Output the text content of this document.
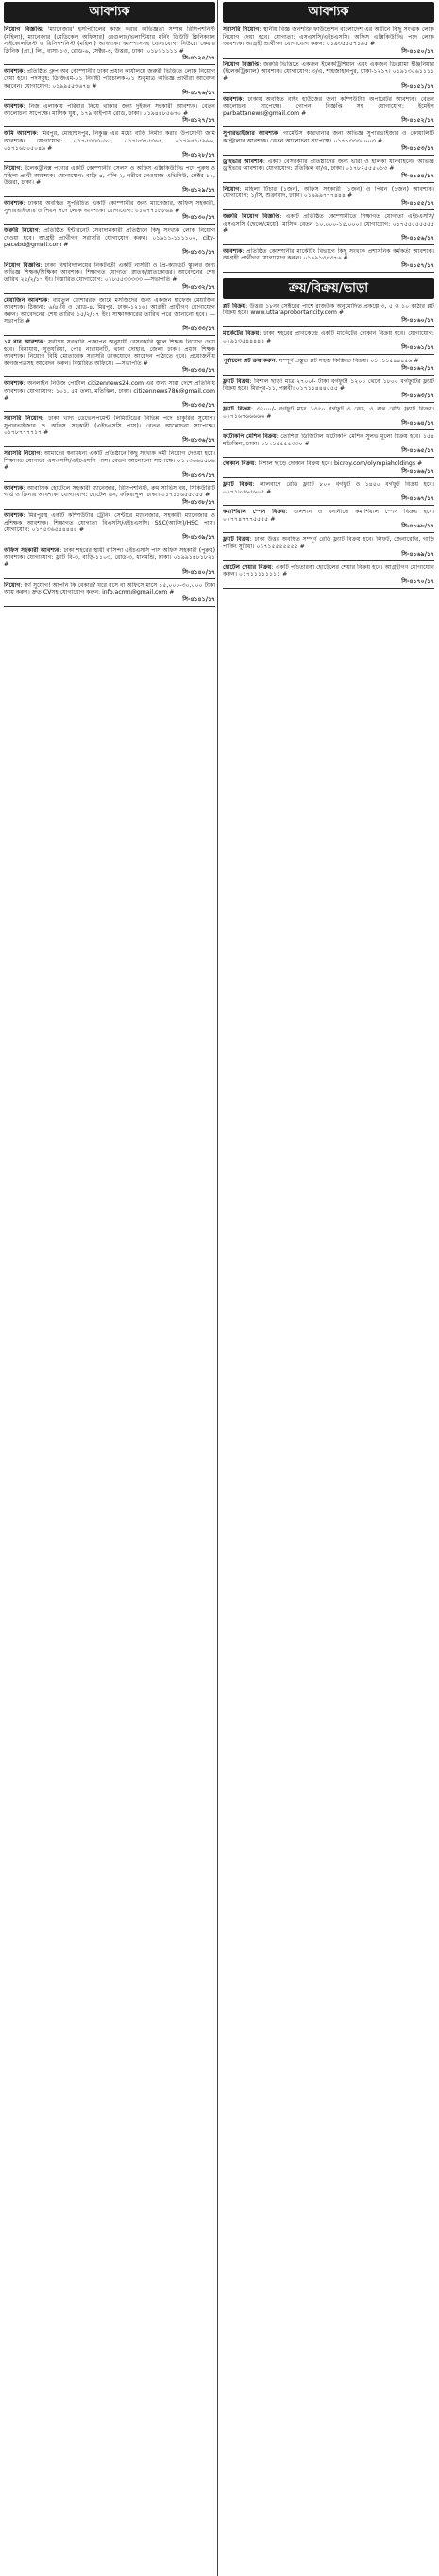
আবশ্যক
নিয়োগ বিজ্ঞপ্তি: 'ম্যানেজার' হসপিটালের কাজ করার অভিজ্ঞতা সম্পন্ন রিসিপশনিস্ট (মহিলা), ম্যানেজার (মেডিকেল অফিসার) রেগুলার/ভলান্টিয়ার মর্নিং ডিউটি ক্লিনিক্যাল সাইকোলজিস্ট ও রিসিপশনিস্ট (মহিলা) আবশ্যক। ক্যাম্পাসসহ যোগাযোগ: নিউরো কেয়ার ক্লিনিক (প্রা.) লি., বাসা-১৩, রোড-৬, সেক্টর-৩, উত্তরা, ঢাকা। ০১৮১১১১১ #
সি-৪১২৫/১৭
আবশ্যক: প্রতিষ্ঠিত গ্রুপ অব কোম্পানীর ঢাকা প্রধান কার্যালয়ে জরুরী ভিত্তিতে লোক নিয়োগ দেয়া হবে। পদসমূহ: ডিজিএম-০১ নির্বাহী পরিচালক-০১ শুধুমাত্র অভিজ্ঞ প্রার্থীরা আবেদন করবেন। যোগাযোগ: ০১৯৯৫৫৩৬৭৪ #
সি-৪১২৬/১৭
আবশ্যক: নিজ এলাকায় পরিবার নিয়ে থাকার জন্য দুইজন সহকারী আবশ্যক। বেতন আলোচনা সাপেক্ষে। মাসিক ঘুষ্য, ১৭৯ বাইপাস রোড, ঢাকা। ০১৯৪৪৮৫৬৭০ #
সি-৪১২৭/১৭
জমি আবশ্যক: মিরপুর, মোহাম্মদপুর, নিকুঞ্জ এর মধ্যে বাড়ি নির্মাণ করার উপযোগী জমি আবশ্যক। যোগাযোগ: ০১৭৫৩৩৩০৮৫, ০১৭৮৩৭৫৩৬৭, ০১৭৯৪১৫৯৬৬, ০১৭১৬৮০৫০৪৬ #
সি-৪১২৮/১৭
নিয়োগ: ইলেকট্রনিক্স পণ্যের একটি কোম্পানীর সেলস ও অফিস এক্সিকিউটিভ পদে পুরুষ ও মহিলা প্রার্থী আবশ্যক। যোগাযোগ: বাড়ি-৪, গলি-২, গরীবে নেওয়াজ এভিনিউ, সেক্টর-১১, উত্তরা, ঢাকা। #
সি-৪১২৯/১৭
আবশ্যক: ঢাকায় অবস্থিত সুপরিচিত একটি কোম্পানীর জন্য ম্যানেজার, অফিস সহকারী, সুপারভাইজার ও পিয়ন পদে লোক আবশ্যক। যোগাযোগ: ০১৬৭৭১৮৮৬৯ #
সি-৪১৩০/১৭
জরুরি নিয়োগ: প্রতিষ্ঠিত ইন্টারনেট সেবাদানকারী প্রতিষ্ঠানে কিছু সংখ্যক লোক নিয়োগ দেওয়া হবে। আগ্রহী প্রার্থীগণ সরাসরি যোগাযোগ করুন। ০১৬১১-১১১১০০, city-pacebd@gmail.com #
সি-৪১৩১/১৭
নিয়োগ বিজ্ঞপ্তি: ঢাকা বিশ্ববিদ্যালয়ের নিকটবর্তী একটি নার্সারী ও প্রি-ক্যাডেট স্কুলের জন্য অভিজ্ঞ শিক্ষক/শিক্ষিকা আবশ্যক। শিক্ষাগত যোগ্যতা স্নাতক/স্নাতকোত্তর। আবেদনের শেষ তারিখ ২৫/২/১৭ ইং। বিস্তারিত যোগাযোগ: ০১৮৫৫৩৩৩৩৩ —সভাপতি #
সি-৪১৩২/১৭
মেয়াজিন আবশ্যক: বায়তুল মোশাররফ জামে মসজিদের জন্য একজন হাফেজ মেয়াজিন আবশ্যক। ঠিকানা: ৬/৪-বি ও রোড-৪, মিরপুর, ঢাকা-১২১৬। আগ্রহী প্রার্থীগণ যোগাযোগ করুন। আবেদনের শেষ তারিখ ১৫/২/১৭ ইং। সাক্ষাৎকারের তারিখ পরে জানানো হবে। —সভাপতি #
সি-৪১৩৩/১৭
১ম বার আবশ্যক: সর্বশেষ সরকারি প্রজ্ঞাপন অনুযায়ী বেসরকারি স্কুলে শিক্ষক নিয়োগ দেয়া হবে। বিনাযায়, ঘুড়ঘরিয়া, পোঃ নারায়নটি, থানা দোহার, জেলা ঢাকা। প্রধান শিক্ষক আবশ্যক। নিয়োগ বিধি মোতাবেক সরাসরি ডাকযোগে আবেদন পাঠাতে হবে। প্রয়োজনীয় কাগজপত্রসহ আবেদন করুন। বিস্তারিত অফিসে। —সভাপতি #
সি-৪১৩৪/১৭
আবশ্যক: অনলাইন নিউজ পোর্টাল citizennews24.com এর জন্য সারা দেশে প্রতিনিধি আবশ্যক। যোগাযোগ: ১০১, ৫ম তলা, মতিঝিল, ঢাকা। citizennews786@gmail.com #
সি-৪১৩৫/১৭
সরাসরি নিয়োগ: ঢাকা খাদ্য ডেভেলপমেন্ট লিমিটেডের বিভিন্ন পদে চাকুরির সুযোগ। সুপারভাইজার ও অফিস সহকারী (এইচএসসি পাস)। বেতন আলোচনা সাপেক্ষে। ০১৭৮৭৭৭৭১৭ #
সি-৪১৩৬/১৭
সরাসরি নিয়োগ: আমাদের স্বনামধন্য একটি প্রতিষ্ঠানে কিছু সংখ্যক কর্মী নিয়োগ দেওয়া হবে। শিক্ষাগত যোগ্যতা এসএসসি/এইচএসসি পাস। বেতন আলোচনা সাপেক্ষে। ০১৭৩৬৬৫৫৮৯ #
সি-৪১৩৭/১৭
আবশ্যক: আবাসিক হোটেলে সহকারী ম্যানেজার, রিসিপশনিস্ট, রুম সার্ভিস বয়, সিকিউরিটি গার্ড ও ক্লিনার আবশ্যক। যোগাযোগ: হোটেল ডন, ফকিরাপুল, ঢাকা। ০১৭১১৬৫৫৫৫৫ #
সি-৪১৩৮/১৭
আবশ্যক: মিরপুরস্থ একটি কম্পিউটার ট্রেনিং সেন্টারে ম্যানেজার, সহকারী ম্যানেজার ও প্রশিক্ষক আবশ্যক। শিক্ষাগত যোগ্যতা বিএসসি/এইচএসসি। SSC(আর্টস)/HSC পাস। যোগাযোগ: ০১৭৫৩৬৫৪৪৪৪৪ #
সি-৪১৩৯/১৭
অফিস সহকারী আবশ্যক: ঢাকা শহরের স্থায়ী বাসিন্দা এইচএসসি পাস অফিস সহকারী (পুরুষ) আবশ্যক। যোগাযোগ: ফ্লাট বি-৩, বাড়ি-১১০৩, রোড-৩, ধানমন্ডি, ঢাকা। ০১৯৯১৪৮১৮২১ #
সি-৪১৪০/১৭
নিয়োগ: স্বর্ণ সুযোগ! আপনি কি বেকার? ঘরে বসে বা অফিসে মাসে ১৫,০০০-৩০,০০০ টাকা আয় করুন। দ্রুত CVসহ যোগাযোগ করুন: info.acmn@gmail.com #
সি-৪১৪১/১৭
আবশ্যক
সরাসরি নিয়োগ: স্থানীয় বিজ্ঞ জনশক্তি ফাউন্ডেশন বাংলাদেশ এর অধীনে কিছু সংখ্যক লোক নিয়োগ দেয়া হবে। যোগ্যতা: এসএসসি/এইচএসসি। অফিস এক্সিকিউটিভ পদে লোক আবশ্যক। আগ্রহী প্রার্থীগণ যোগাযোগ করুন: ০১৯৩৫৫৫৭১৯৫ #
সি-৪১৫০/১৭
নিয়োগ বিজ্ঞপ্তি: জরুরি ভিত্তিতে একজন ইলেকট্রিশিয়ান এবং একজন ডিপ্লোমা ইঞ্জিনিয়ার (ইলেকট্রিক্যাল) আবশ্যক। যোগাযোগ: ৩/এ, শাহজাহানপুর, ঢাকা-১২১৭। ০১৯১৩৫৬১১১১ #
সি-৪১৫১/১৭
আবশ্যক: ঢাকায় অবস্থিত বাইং হাউজের জন্য কম্পিউটার অপারেটর আবশ্যক। বেতন আলোচনা সাপেক্ষে। গোপন বিজ্ঞপ্তি সহ যোগাযোগ: ইমেইল parbattanews@gmail.com #
সি-৪১৫২/১৭
সুপারভাইজার আবশ্যক: গার্মেন্টস কারখানার জন্য অভিজ্ঞ সুপারভাইজার ও কোয়ালিটি কন্ট্রোলার আবশ্যক। বেতন আলোচনা সাপেক্ষে। ০১৭১৩৩৩০০০৩ #
সি-৪১৫৩/১৭
ড্রাইভার আবশ্যক: একটি বেসরকারি প্রতিষ্ঠানের জন্য ভারী ও হালকা যানবাহনের অভিজ্ঞ ড্রাইভার আবশ্যক। যোগাযোগ: মতিঝিল বা/এ, ঢাকা। ০১৭৮২৫৫৫০১৩ #
সি-৪১৫৪/১৭
নিয়োগ: মহিলা টিচার (১জন), অফিস সহকারী (১জন) ও পিয়ন (১জন) আবশ্যক। যোগাযোগ: ১/সি, শুক্রাবাদ, ঢাকা। ০১৯৯৯৭৭৭৪৪৪ #
সি-৪১৫৫/১৭
জরুরি নিয়োগ বিজ্ঞপ্তি: একটি প্রতিষ্ঠিত কোম্পানীতে শিক্ষাগত যোগ্যতা এইচএসসি/এসএসসি (ছেলে/মেয়ে)। মাসিক বেতন ১০,০০০-১৫,০০০। যোগাযোগ: ০১৭৫৫৫৫৫৫৫৫ #
সি-৪১৫৬/১৭
আবশ্যক: প্রতিষ্ঠিত কোম্পানীর মার্কেটিং বিভাগে কিছু সংখ্যক প্রশাসনিক কর্মকর্তা আবশ্যক। আগ্রহী প্রার্থীগণ যোগাযোগ করুন। ০১৯৯১৩৪৩৭৬ #
সি-৪১৫৭/১৭
ক্রয়/বিক্রয়/ভাড়া
প্লট বিক্রয়: উত্তরা ১৮নং সেক্টরের পাশে রাজউক অনুমোদিত প্রকল্পে ৩, ৫ ও ১০ কাঠার প্লট বিক্রয় হবে। www.uttaraprobortancity.com #
সি-৪১৬০/১৭
মার্কেটের বিক্রয়: ঢাকা শহরের প্রাণকেন্দ্রে একটি মার্কেটের দোকান বিক্রয় হবে। যোগাযোগ: ০১৯১৩৫৪৪৪৪৪ #
সি-৪১৬১/১৭
পূর্বাচলে প্লট ক্রয় করুন: সম্পূর্ণ প্রস্তুত প্লট সহজ কিস্তিতে বিক্রয়। ০১৭১১৫৪৪৪৫৬ #
সি-৪১৬২/১৭
ফ্ল্যাট বিক্রয়: বিশাল ছাড়! মাত্র ২৭০০/- টাকা বর্গফুট! ১২০০ থেকে ১৮০০ বর্গফুটের ফ্ল্যাট বিক্রয় হবে। মিরপুর-১১, পল্লবী। ০১৭১১৪৪৪৫৫৫ #
সি-৪১৬৩/১৭
ফ্ল্যাট বিক্রয়: ৩২০০/- বর্গফুট মাত্র ১৩৫০ বর্গফুট ৩ বেড, ৩ বাথ রেডি ফ্ল্যাট বিক্রয়। ০১৭১৬৭৬৬৬৬৬ #
সি-৪১৬৪/১৭
ফটোকপি মেশিন বিক্রয়: তোশিবা ডিজিটাল ফটোকপি মেশিন সুলভ মূল্যে বিক্রয় হবে। ১৫৪ মতিঝিল, ঢাকা। ০১৭১৫৫৫৫৩৩০ #
সি-৪১৬৫/১৭
দোকান বিক্রয়: বিশাল ছাড়ে দোকান বিক্রয় হবে। bicroy.com/olympiaholdings #
সি-৪১৬৬/১৭
ফ্ল্যাট বিক্রয়: লালবাগে রেডি ফ্ল্যাট ৮০০ বর্গফুট ও ১৪৫০ বর্গফুট বিক্রয় হবে। ০১৭১৮৫৬৫৬০৫ #
সি-৪১৬৭/১৭
কমার্শিয়াল স্পেস বিক্রয়: গুলশান ও বনানীতে কমার্শিয়াল স্পেস বিক্রয় হবে। ০১৭৭৪৭৭৭৫৫৫৫ #
সি-৪১৬৮/১৭
ফ্ল্যাট বিক্রয়: ঢাকা উত্তর অবস্থিত সম্পূর্ণ রেডি ফ্ল্যাট বিক্রয় হবে। লিফট, জেনারেটর, গাড়ি পার্কিং সুবিধা। ০১৭১৫৫৫৫৫৫৫ #
সি-৪১৬৯/১৭
হোটেল শেয়ার বিক্রয়: একটি পাঁচতারকা হোটেলের শেয়ার বিক্রয় হবে। আগ্রহীগণ যোগাযোগ করুন। ০১৭১১১১১১১১ #
সি-৪১৭০/১৭
